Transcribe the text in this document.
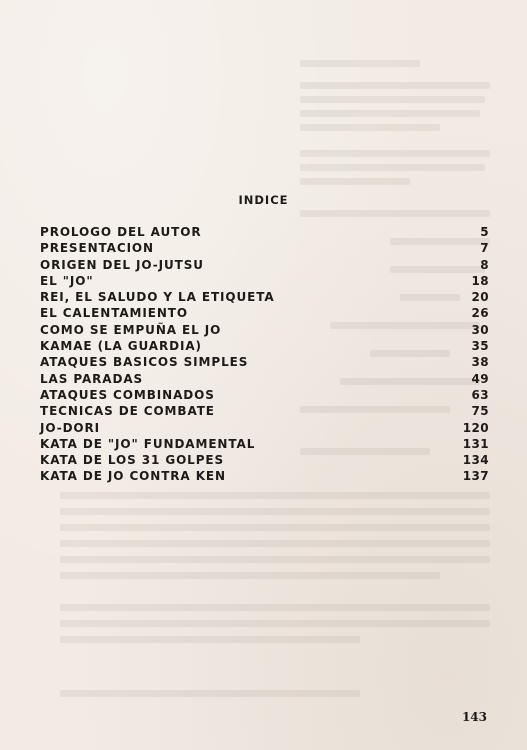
INDICE
PROLOGO DEL AUTOR	5
PRESENTACION	7
ORIGEN DEL JO-JUTSU	8
EL "JO"	18
REI, EL SALUDO Y LA ETIQUETA	20
EL CALENTAMIENTO	26
COMO SE EMPUÑA EL JO	30
KAMAE (LA GUARDIA)	35
ATAQUES BASICOS SIMPLES	38
LAS PARADAS	49
ATAQUES COMBINADOS	63
TECNICAS DE COMBATE	75
JO-DORI	120
KATA DE "JO" FUNDAMENTAL	131
KATA DE LOS 31 GOLPES	134
KATA DE JO CONTRA KEN	137
143
